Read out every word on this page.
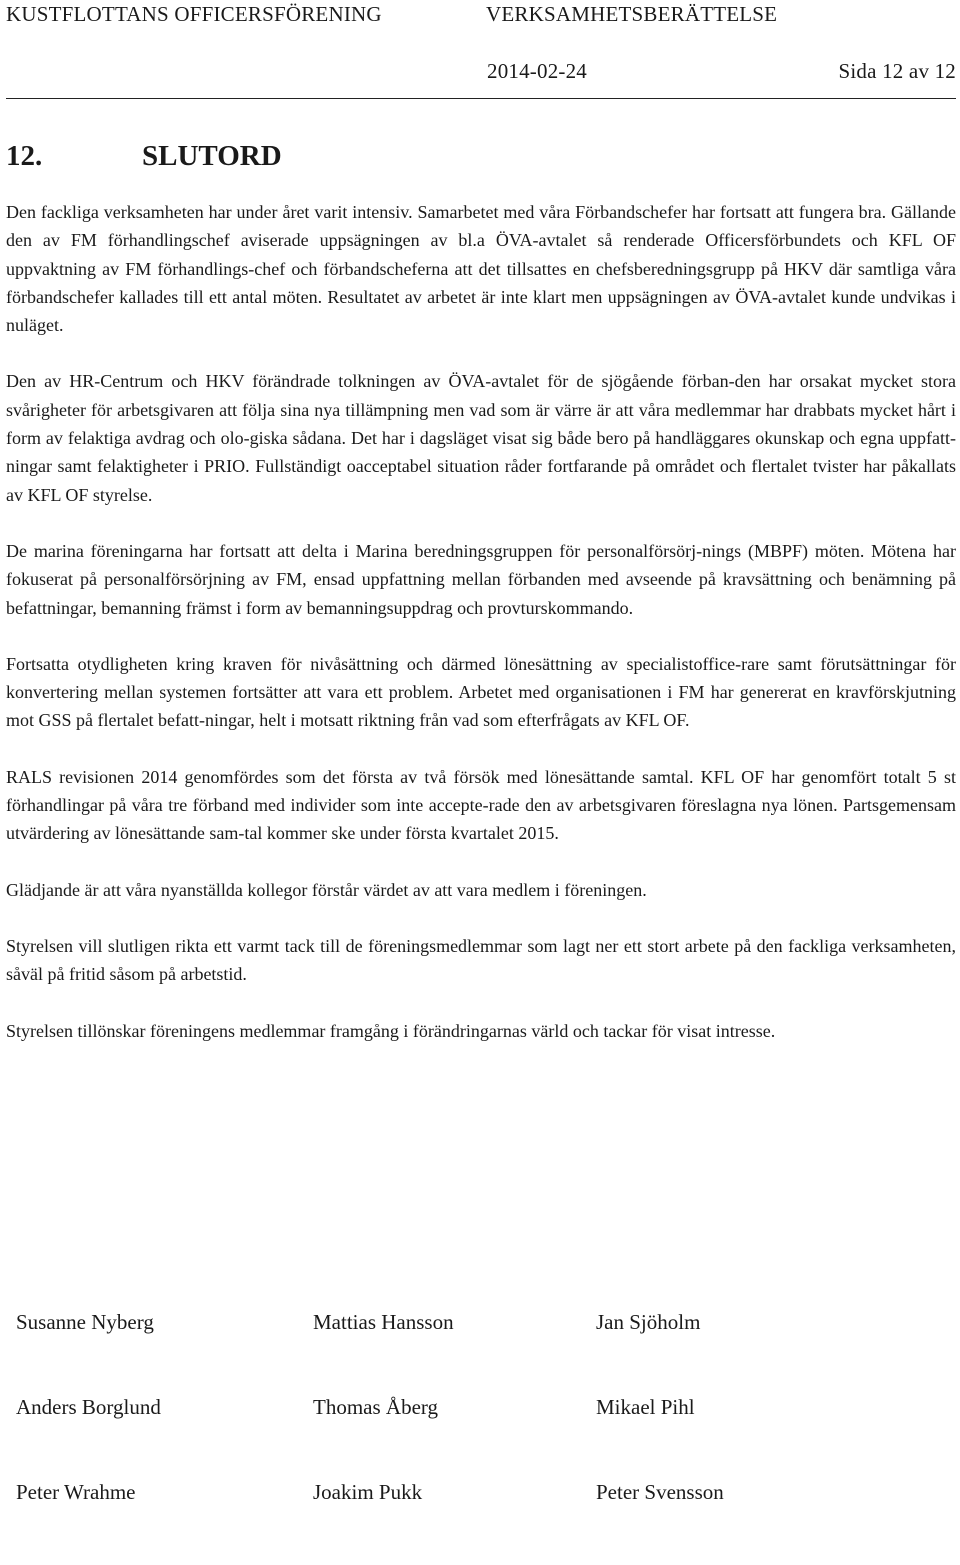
KUSTFLOTTANS OFFICERSFÖRENING	VERKSAMHETSBERÄTTELSE
2014-02-24	Sida 12 av 12
12.	SLUTORD

Den fackliga verksamheten har under året varit intensiv. Samarbetet med våra Förbandschefer har fortsatt att fungera bra. Gällande den av FM förhandlingschef aviserade uppsägningen av bl.a ÖVA-avtalet så renderade Officersförbundets och KFL OF uppvaktning av FM förhandlings-chef och förbandscheferna att det tillsattes en chefsberedningsgrupp på HKV där samtliga våra förbandschefer kallades till ett antal möten. Resultatet av arbetet är inte klart men uppsägningen av ÖVA-avtalet kunde undvikas i nuläget.

Den av HR-Centrum och HKV förändrade tolkningen av ÖVA-avtalet för de sjögående förban-den har orsakat mycket stora svårigheter för arbetsgivaren att följa sina nya tillämpning men vad som är värre är att våra medlemmar har drabbats mycket hårt i form av felaktiga avdrag och olo-giska sådana. Det har i dagsläget visat sig både bero på handläggares okunskap och egna uppfatt-ningar samt felaktigheter i PRIO. Fullständigt oacceptabel situation råder fortfarande på området och flertalet tvister har påkallats av KFL OF styrelse.

De marina föreningarna har fortsatt att delta i Marina beredningsgruppen för personalförsörj-nings (MBPF) möten. Mötena har fokuserat på personalförsörjning av FM, ensad uppfattning mellan förbanden med avseende på kravsättning och benämning på befattningar, bemanning främst i form av bemanningsuppdrag och provturskommando.

Fortsatta otydligheten kring kraven för nivåsättning och därmed lönesättning av specialistoffice-rare samt förutsättningar för konvertering mellan systemen fortsätter att vara ett problem. Arbetet med organisationen i FM har genererat en kravförskjutning mot GSS på flertalet befatt-ningar, helt i motsatt riktning från vad som efterfrågats av KFL OF.

RALS revisionen 2014 genomfördes som det första av två försök med lönesättande samtal. KFL OF har genomfört totalt 5 st förhandlingar på våra tre förband med individer som inte accepte-rade den av arbetsgivaren föreslagna nya lönen. Partsgemensam utvärdering av lönesättande sam-tal kommer ske under första kvartalet 2015.

Glädjande är att våra nyanställda kollegor förstår värdet av att vara medlem i föreningen.

Styrelsen vill slutligen rikta ett varmt tack till de föreningsmedlemmar som lagt ner ett stort arbete på den fackliga verksamheten, såväl på fritid såsom på arbetstid.

Styrelsen tillönskar föreningens medlemmar framgång i förändringarnas värld och tackar för visat intresse.

Susanne Nyberg	Mattias Hansson	Jan Sjöholm
Anders Borglund	Thomas Åberg	Mikael Pihl
Peter Wrahme	Joakim Pukk	Peter Svensson
